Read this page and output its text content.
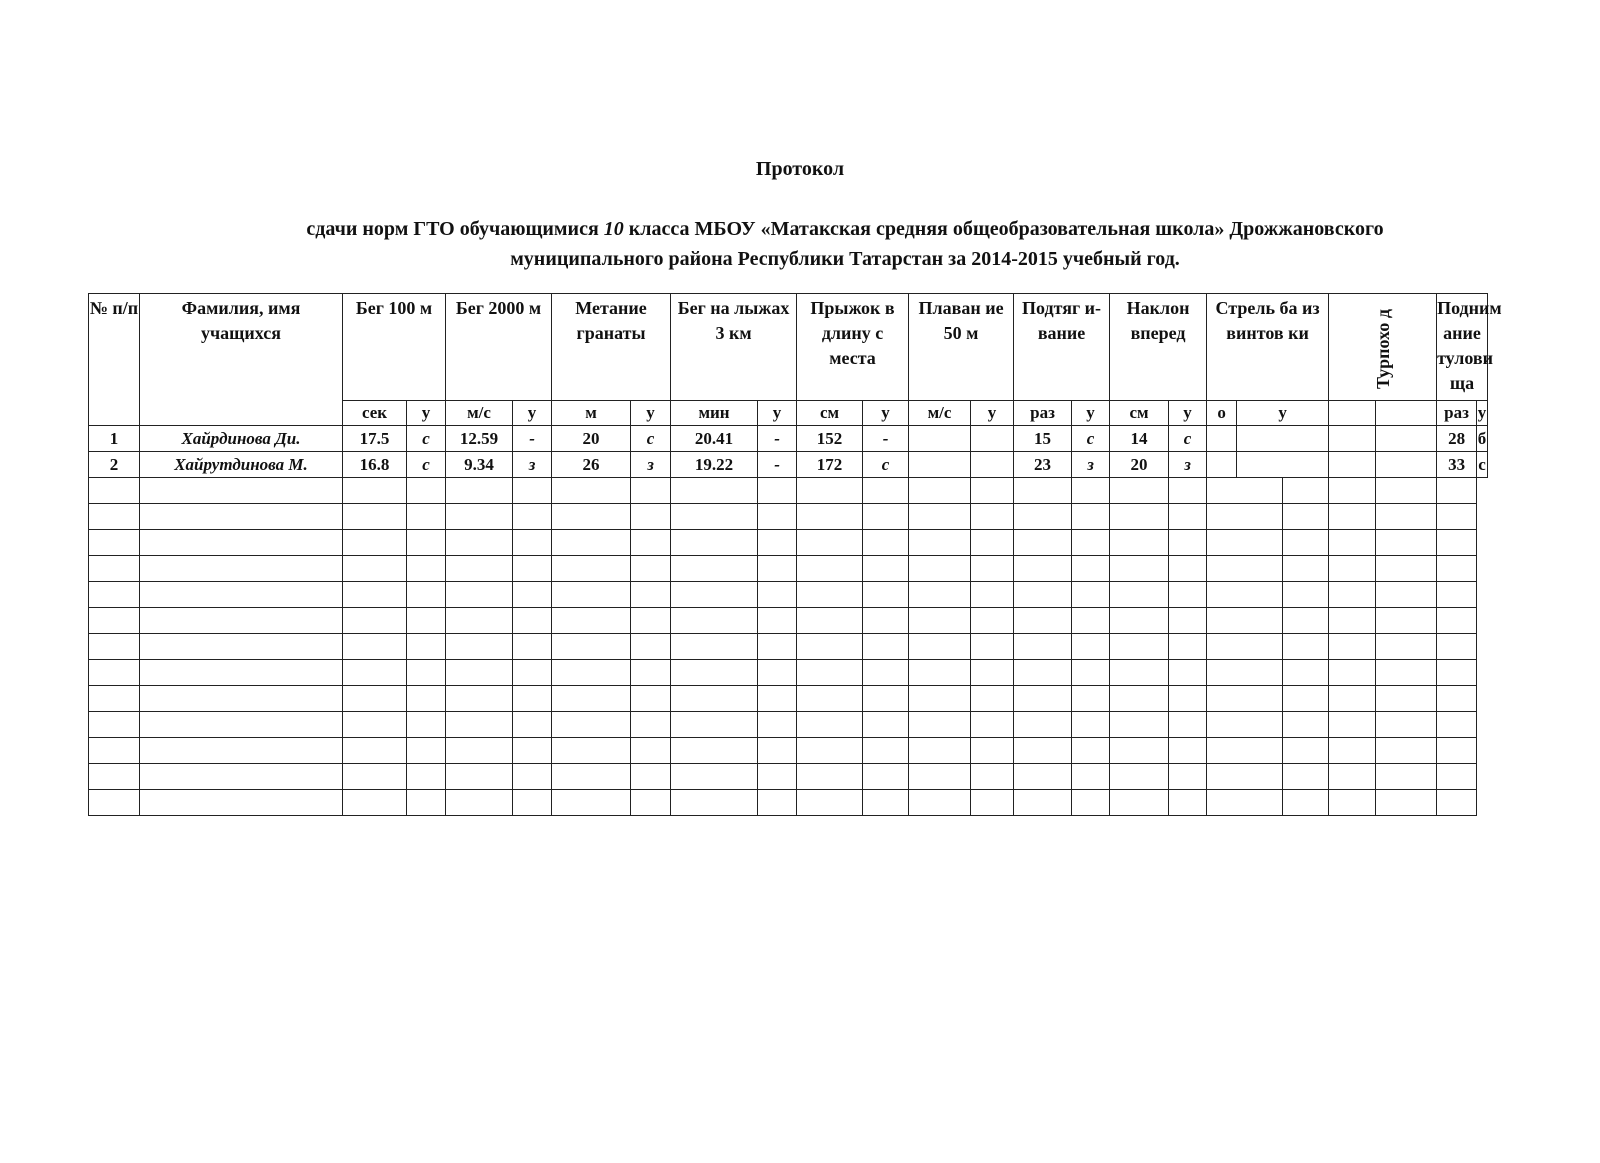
Протокол
сдачи норм ГТО обучающимися 10 класса МБОУ «Матакская средняя общеобразовательная школа» Дрожжановского
муниципального района Республики Татарстан за 2014-2015 учебный год.
№ п/п	Фамилия, имя учащихся	Бег 100 м		Бег 2000 м		Метание гранаты		Бег на лыжах 3 км		Прыжок в длину с места		Плаван ие 50 м		Подтяг и- вание		Наклон вперед		Стрель ба из винтов ки			Турпохо д		Подним ание тулови ща	
		сек	у	м/с	у	м	у	мин	у	см	у	м/с	у	раз	у	см	у	о	у				раз	у
1	Хайрдинова Ди.	17.5	с	12.59	-	20	с	20.41	-	152	-			15	с	14	с						28	б
2	Хайрутдинова М.	16.8	с	9.34	з	26	з	19.22	-	172	с			23	з	20	з						33	с
